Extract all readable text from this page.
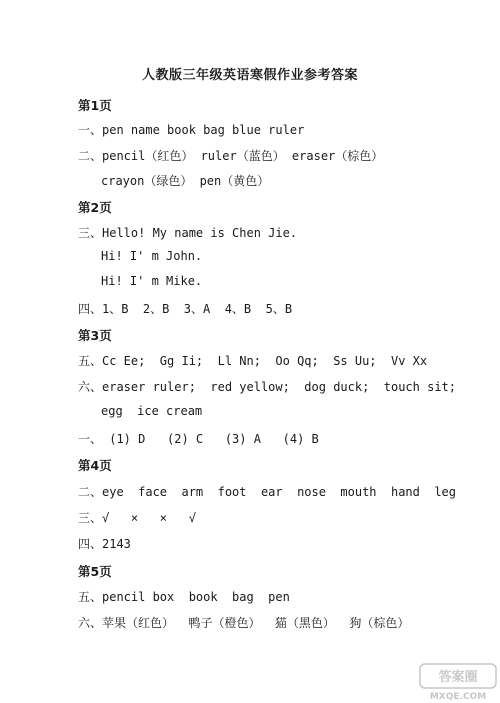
人教版三年级英语寒假作业参考答案
第1页
一、pen name book bag blue ruler
二、pencil（红色） ruler（蓝色） eraser（棕色）
crayon（绿色） pen（黄色）
第2页
三、Hello! My name is Chen Jie.
Hi! I' m John.
Hi! I' m Mike.
四、1、B  2、B  3、A  4、B  5、B
第3页
五、Cc Ee;  Gg Ii;  Ll Nn;  Oo Qq;  Ss Uu;  Vv Xx
六、eraser ruler;  red yellow;  dog duck;  touch sit;
egg  ice cream
一、 (1) D   (2) C   (3) A   (4) B
第4页
二、eye  face  arm  foot  ear  nose  mouth  hand  leg
三、√   ×   ×   √
四、2143
第5页
五、pencil box  book  bag  pen
六、苹果（红色）  鸭子（橙色）  猫（黑色）  狗（棕色）
答案圈
MXQE.COM
